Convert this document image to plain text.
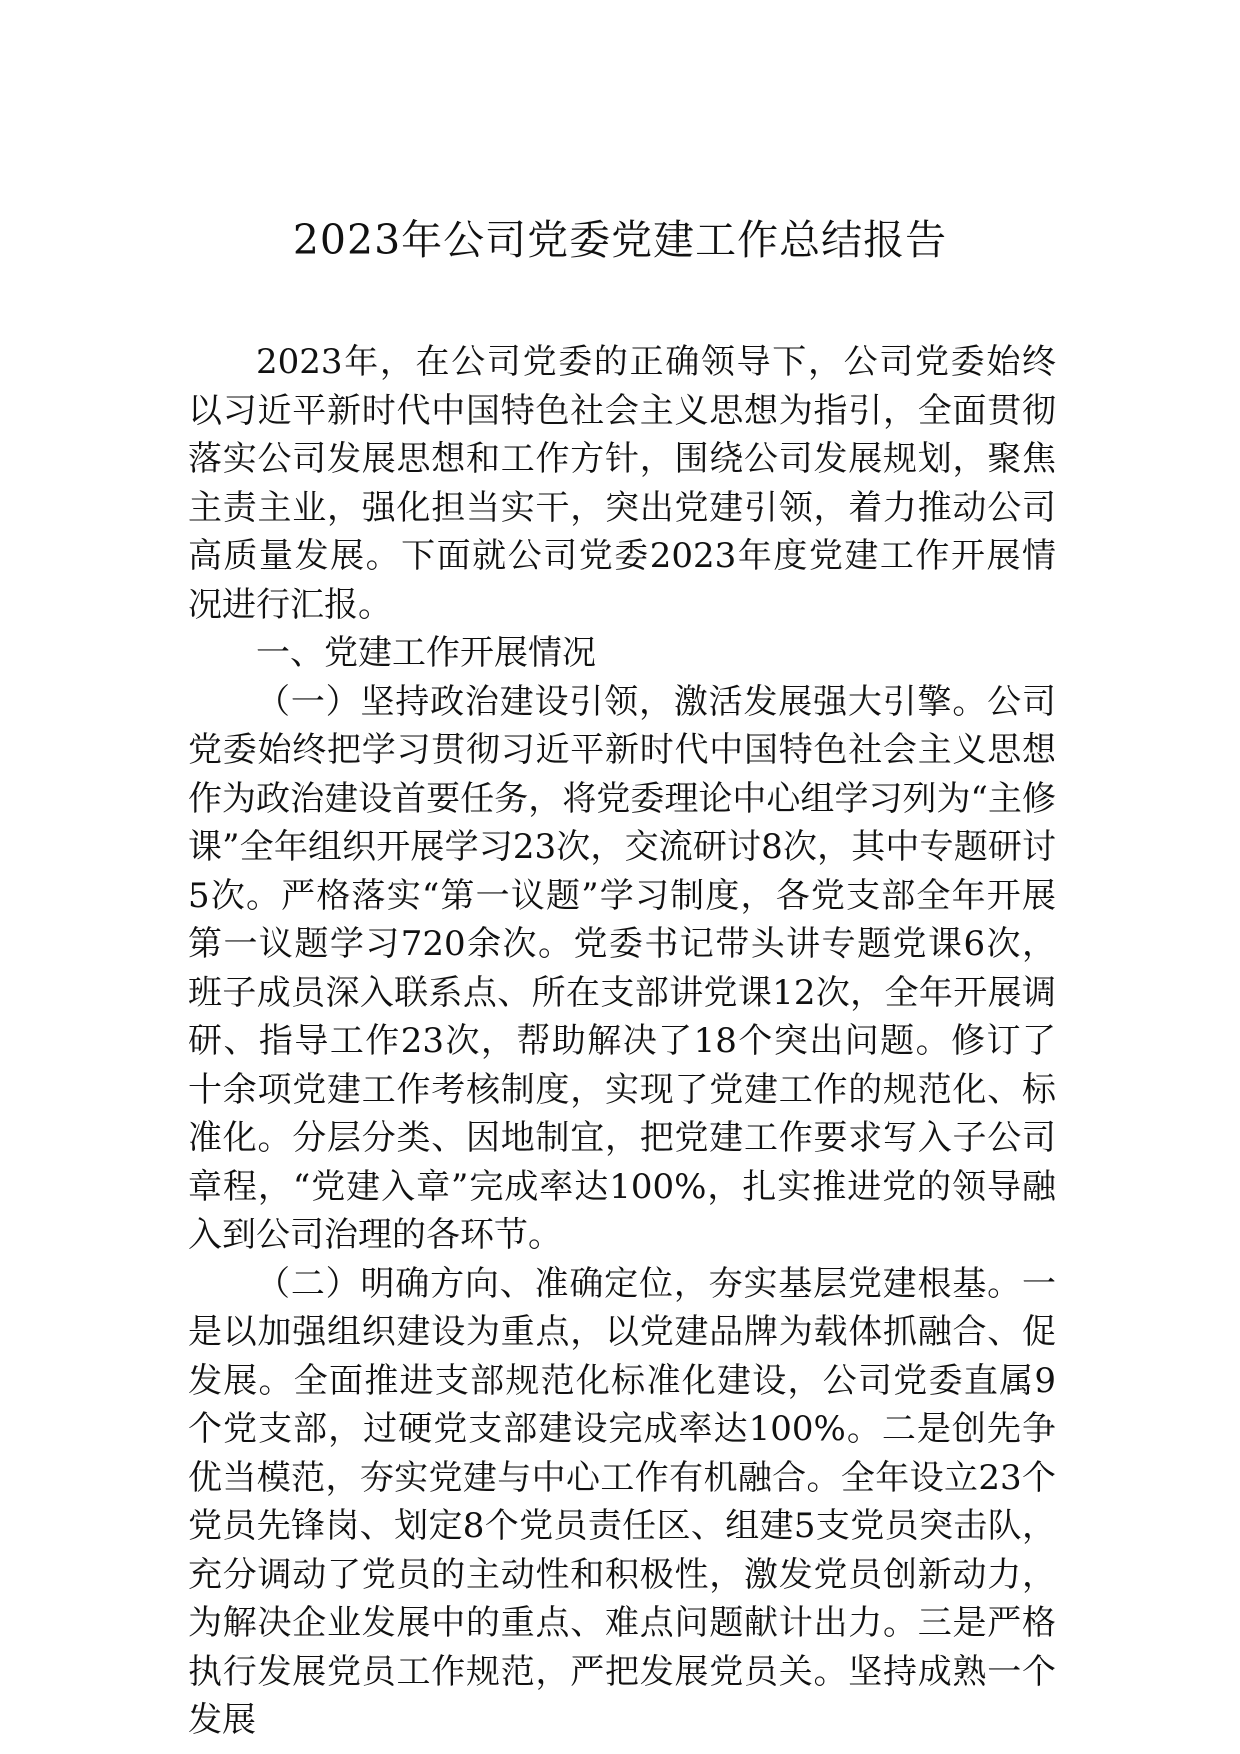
2023年公司党委党建工作总结报告

2023年，在公司党委的正确领导下，公司党委始终以习近平新时代中国特色社会主义思想为指引，全面贯彻落实公司发展思想和工作方针，围绕公司发展规划，聚焦主责主业，强化担当实干，突出党建引领，着力推动公司高质量发展。下面就公司党委2023年度党建工作开展情况进行汇报。

一、党建工作开展情况

（一）坚持政治建设引领，激活发展强大引擎。公司党委始终把学习贯彻习近平新时代中国特色社会主义思想作为政治建设首要任务，将党委理论中心组学习列为“主修课”全年组织开展学习23次，交流研讨8次，其中专题研讨5次。严格落实“第一议题”学习制度，各党支部全年开展第一议题学习720余次。党委书记带头讲专题党课6次，班子成员深入联系点、所在支部讲党课12次，全年开展调研、指导工作23次，帮助解决了18个突出问题。修订了十余项党建工作考核制度，实现了党建工作的规范化、标准化。分层分类、因地制宜，把党建工作要求写入子公司章程，“党建入章”完成率达100%，扎实推进党的领导融入到公司治理的各环节。

（二）明确方向、准确定位，夯实基层党建根基。一是以加强组织建设为重点，以党建品牌为载体抓融合、促发展。全面推进支部规范化标准化建设，公司党委直属9个党支部，过硬党支部建设完成率达100%。二是创先争优当模范，夯实党建与中心工作有机融合。全年设立23个党员先锋岗、划定8个党员责任区、组建5支党员突击队，充分调动了党员的主动性和积极性，激发党员创新动力，为解决企业发展中的重点、难点问题献计出力。三是严格执行发展党员工作规范，严把发展党员关。坚持成熟一个发展
